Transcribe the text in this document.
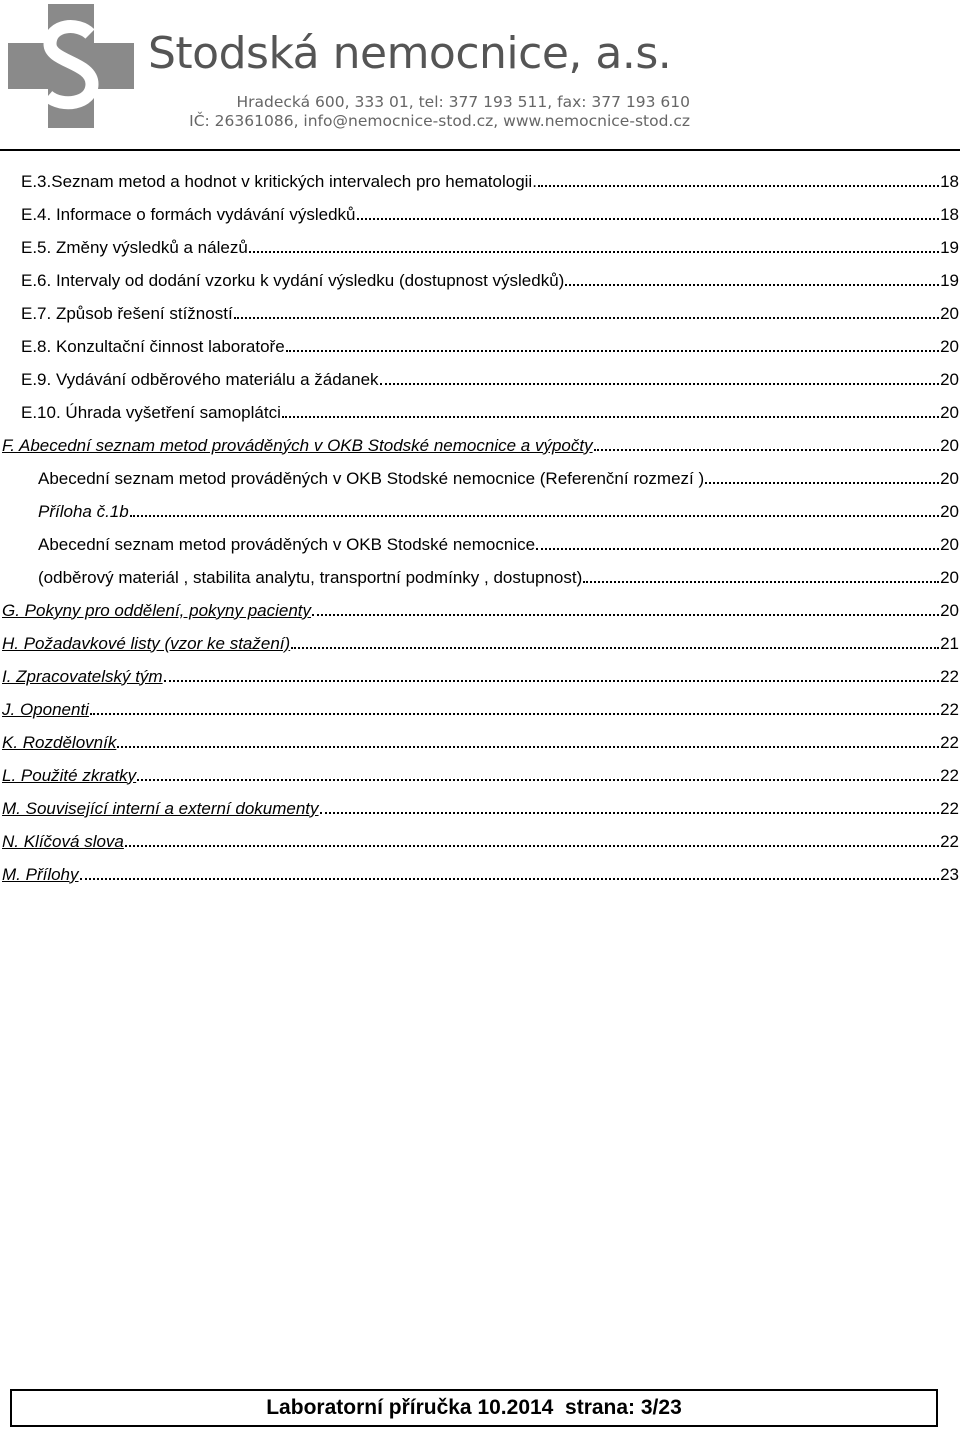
Stodská nemocnice, a.s.

Hradecká 600, 333 01, tel: 377 193 511, fax: 377 193 610

IČ: 26361086, info@nemocnice-stod.cz, www.nemocnice-stod.cz

E.3.Seznam metod a hodnot v kritických intervalech pro hematologii.	18
E.4. Informace o formách vydávání výsledků	18
E.5. Změny výsledků a nálezů	19
E.6. Intervaly od dodání vzorku k vydání výsledku (dostupnost výsledků)	19
E.7. Způsob řešení stížností	20
E.8. Konzultační činnost laboratoře	20
E.9. Vydávání odběrového materiálu a žádanek	20
E.10. Úhrada vyšetření samoplátci	20
F. Abecední seznam metod prováděných v OKB Stodské nemocnice a výpočty	20
Abecední seznam metod prováděných v OKB Stodské nemocnice (Referenční rozmezí )	20
Příloha č.1b	20
Abecední seznam metod prováděných v OKB Stodské nemocnice	20
(odběrový materiál , stabilita analytu, transportní podmínky , dostupnost)	20
G. Pokyny pro oddělení, pokyny pacienty	20
H. Požadavkové listy (vzor ke stažení)	21
I. Zpracovatelský tým	22
J. Oponenti	22
K. Rozdělovník	22
L. Použité zkratky	22
M. Související interní a externí dokumenty	22
N. Klíčová slova	22
M. Přílohy	23
Laboratorní příručka 10.2014  strana: 3/23
